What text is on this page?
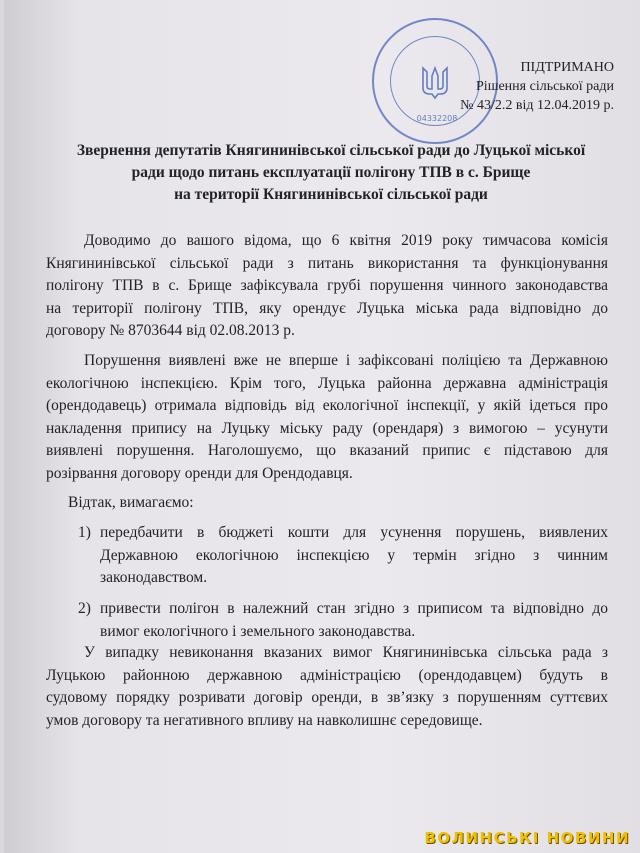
04332208
ПІДТРИМАНО
Рішення сільської ради
№ 43/2.2 від 12.04.2019 р.
Звернення депутатів Княгининівської сільської ради до Луцької міської
ради щодо питань експлуатації полігону ТПВ в с. Брище
на території Княгининівської сільської ради
Доводимо до вашого відома, що 6 квітня 2019 року тимчасова комісія
Княгининівської сільської ради з питань використання та функціонування
полігону ТПВ в с. Брище зафіксувала грубі порушення чинного законодавства
на території полігону ТПВ, яку орендує Луцька міська рада відповідно до
договору № 8703644 від 02.08.2013 р.
Порушення виявлені вже не вперше і зафіксовані поліцією та Державною
екологічною інспекцією. Крім того, Луцька районна державна адміністрація
(орендодавець) отримала відповідь від екологічної інспекції, у якій ідеться про
накладення припису на Луцьку міську раду (орендаря) з вимогою – усунути
виявлені порушення. Наголошуємо, що вказаний припис є підставою для
розірвання договору оренди для Орендодавця.
Відтак, вимагаємо:
1) передбачити в бюджеті кошти для усунення порушень, виявлених
Державною екологічною інспекцією у термін згідно з чинним
законодавством.
2) привести полігон в належний стан згідно з приписом та відповідно до
вимог екологічного і земельного законодавства.
У випадку невиконання вказаних вимог Княгининівська сільська рада з
Луцькою районною державною адміністрацією (орендодавцем) будуть в
судовому порядку розривати договір оренди, в зв’язку з порушенням суттєвих
умов договору та негативного впливу на навколишнє середовище.
ВОЛИНСЬКІ НОВИНИ
